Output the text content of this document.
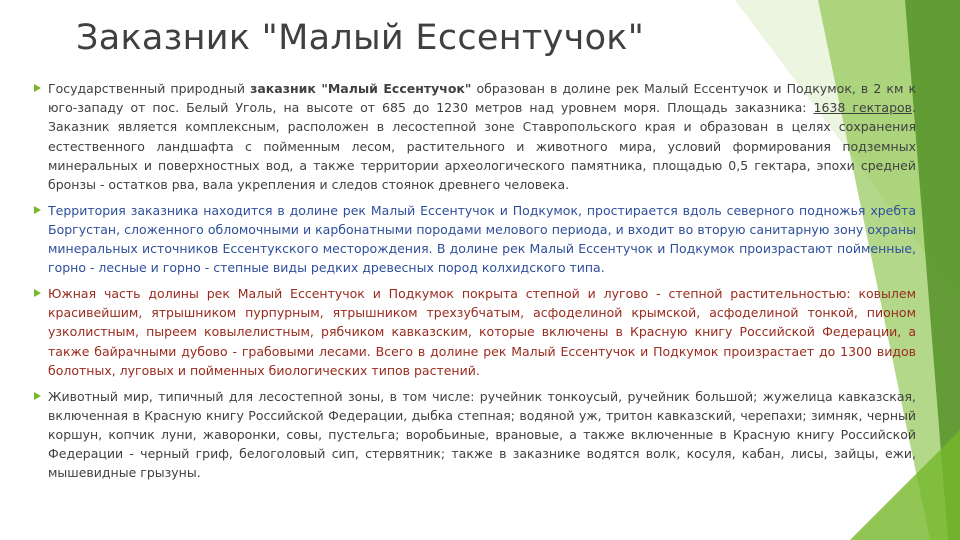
Заказник "Малый Ессентучок"

Государственный природный заказник "Малый Ессентучок" образован в долине рек Малый Ессентучок и Подкумок, в 2 км к юго-западу от пос. Белый Уголь, на высоте от 685 до 1230 метров над уровнем моря. Площадь заказника: 1638 гектаров. Заказник является комплексным, расположен в лесостепной зоне Ставропольского края и образован в целях сохранения естественного ландшафта с пойменным лесом, растительного и животного мира, условий формирования подземных минеральных и поверхностных вод, а также территории археологического памятника, площадью 0,5 гектара, эпохи средней бронзы - остатков рва, вала укрепления и следов стоянок древнего человека.

Территория заказника находится в долине рек Малый Ессентучок и Подкумок, простирается вдоль северного подножья хребта Боргустан, сложенного обломочными и карбонатными породами мелового периода, и входит во вторую санитарную зону охраны минеральных источников Ессентукского месторождения. В долине рек Малый Ессентучок и Подкумок произрастают пойменные, горно - лесные и горно - степные виды редких древесных пород колхидского типа.

Южная часть долины рек Малый Ессентучок и Подкумок покрыта степной и лугово - степной растительностью: ковылем красивейшим, ятрышником пурпурным, ятрышником трехзубчатым, асфоделиной крымской, асфоделиной тонкой, пионом узколистным, пыреем ковылелистным, рябчиком кавказским, которые включены в Красную книгу Российской Федерации, а также байрачными дубово - грабовыми лесами. Всего в долине рек Малый Ессентучок и Подкумок произрастает до 1300 видов болотных, луговых и пойменных биологических типов растений.

Животный мир, типичный для лесостепной зоны, в том числе: ручейник тонкоусый, ручейник большой; жужелица кавказская, включенная в Красную книгу Российской Федерации, дыбка степная; водяной уж, тритон кавказский, черепахи; зимняк, черный коршун, копчик луни, жаворонки, совы, пустельга; воробьиные, врановые, а также включенные в Красную книгу Российской Федерации - черный гриф, белоголовый сип, стервятник; также в заказнике водятся волк, косуля, кабан, лисы, зайцы, ежи, мышевидные грызуны.
